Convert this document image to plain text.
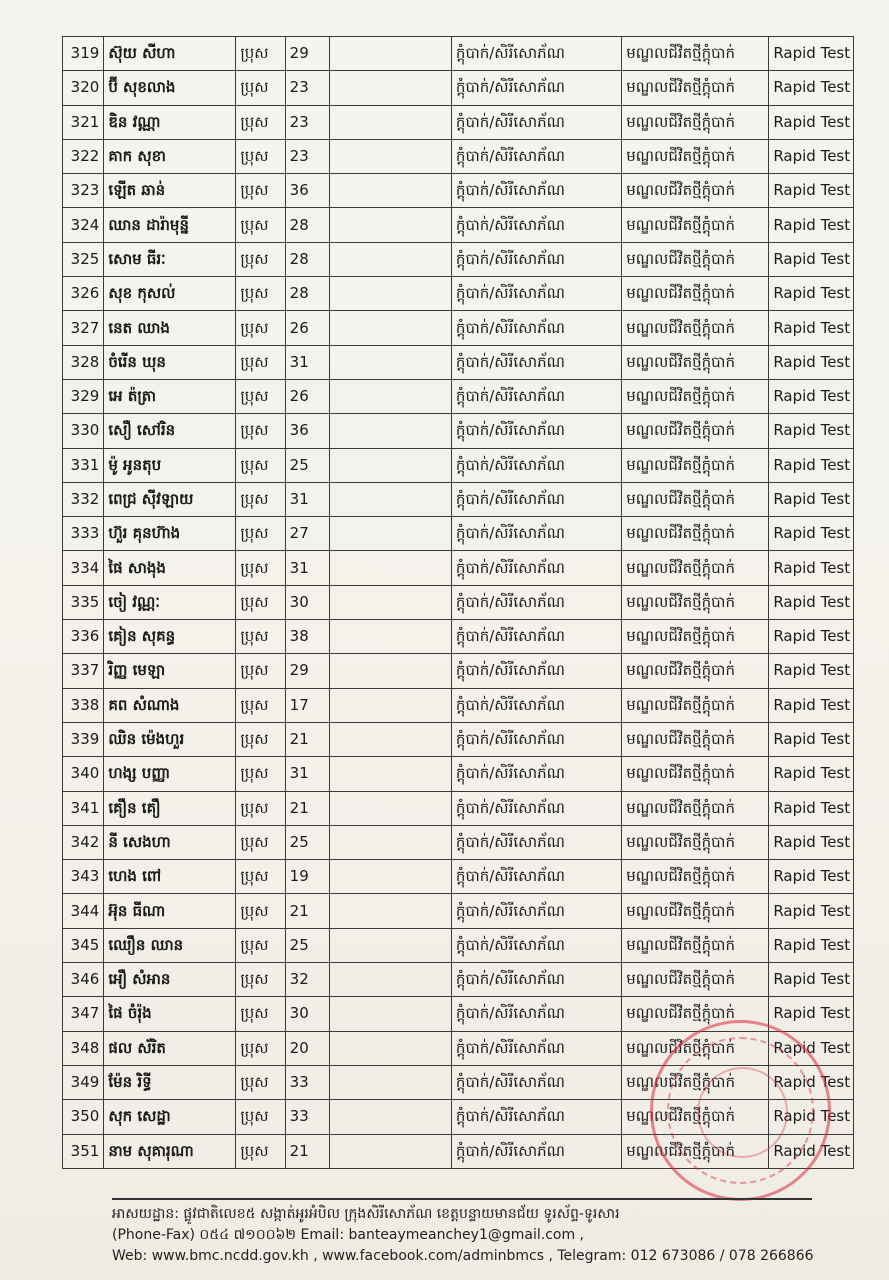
319	ស៊ុយ សីហា	ប្រុស	29		ក្តុំបាក់/សិរីសោភ័ណ	មណ្ឌលជីវិតថ្មីក្តុំបាក់	Rapid Test
320	ប៊ី សុខលាង	ប្រុស	23		ក្តុំបាក់/សិរីសោភ័ណ	មណ្ឌលជីវិតថ្មីក្តុំបាក់	Rapid Test
321	ឌិន វណ្ណា	ប្រុស	23		ក្តុំបាក់/សិរីសោភ័ណ	មណ្ឌលជីវិតថ្មីក្តុំបាក់	Rapid Test
322	គាក សុខា	ប្រុស	23		ក្តុំបាក់/សិរីសោភ័ណ	មណ្ឌលជីវិតថ្មីក្តុំបាក់	Rapid Test
323	ឡើត ឆាន់	ប្រុស	36		ក្តុំបាក់/សិរីសោភ័ណ	មណ្ឌលជីវិតថ្មីក្តុំបាក់	Rapid Test
324	ឈាន ដារ៉ាមុន្នី	ប្រុស	28		ក្តុំបាក់/សិរីសោភ័ណ	មណ្ឌលជីវិតថ្មីក្តុំបាក់	Rapid Test
325	សោម ធីរៈ	ប្រុស	28		ក្តុំបាក់/សិរីសោភ័ណ	មណ្ឌលជីវិតថ្មីក្តុំបាក់	Rapid Test
326	សុខ កុសល់	ប្រុស	28		ក្តុំបាក់/សិរីសោភ័ណ	មណ្ឌលជីវិតថ្មីក្តុំបាក់	Rapid Test
327	នេត ឈាង	ប្រុស	26		ក្តុំបាក់/សិរីសោភ័ណ	មណ្ឌលជីវិតថ្មីក្តុំបាក់	Rapid Test
328	ចំរើន ឃុន	ប្រុស	31		ក្តុំបាក់/សិរីសោភ័ណ	មណ្ឌលជីវិតថ្មីក្តុំបាក់	Rapid Test
329	អេ ត៉ត្រា	ប្រុស	26		ក្តុំបាក់/សិរីសោភ័ណ	មណ្ឌលជីវិតថ្មីក្តុំបាក់	Rapid Test
330	សឿ សៅរិន	ប្រុស	36		ក្តុំបាក់/សិរីសោភ័ណ	មណ្ឌលជីវិតថ្មីក្តុំបាក់	Rapid Test
331	ម៉ូ អូនតុប	ប្រុស	25		ក្តុំបាក់/សិរីសោភ័ណ	មណ្ឌលជីវិតថ្មីក្តុំបាក់	Rapid Test
332	ពេជ្រ ស៊ីវឡាយ	ប្រុស	31		ក្តុំបាក់/សិរីសោភ័ណ	មណ្ឌលជីវិតថ្មីក្តុំបាក់	Rapid Test
333	ហ៊ួរ គុនហ៊ាង	ប្រុស	27		ក្តុំបាក់/សិរីសោភ័ណ	មណ្ឌលជីវិតថ្មីក្តុំបាក់	Rapid Test
334	ផៃ សាងុង	ប្រុស	31		ក្តុំបាក់/សិរីសោភ័ណ	មណ្ឌលជីវិតថ្មីក្តុំបាក់	Rapid Test
335	ចៀ វណ្ណៈ	ប្រុស	30		ក្តុំបាក់/សិរីសោភ័ណ	មណ្ឌលជីវិតថ្មីក្តុំបាក់	Rapid Test
336	គៀន សុគន្ធ	ប្រុស	38		ក្តុំបាក់/សិរីសោភ័ណ	មណ្ឌលជីវិតថ្មីក្តុំបាក់	Rapid Test
337	រិញ្ញ មេឡា	ប្រុស	29		ក្តុំបាក់/សិរីសោភ័ណ	មណ្ឌលជីវិតថ្មីក្តុំបាក់	Rapid Test
338	គព សំណាង	ប្រុស	17		ក្តុំបាក់/សិរីសោភ័ណ	មណ្ឌលជីវិតថ្មីក្តុំបាក់	Rapid Test
339	ឈិន ម៉េងហួរ	ប្រុស	21		ក្តុំបាក់/សិរីសោភ័ណ	មណ្ឌលជីវិតថ្មីក្តុំបាក់	Rapid Test
340	ហង្ស បញ្ញា	ប្រុស	31		ក្តុំបាក់/សិរីសោភ័ណ	មណ្ឌលជីវិតថ្មីក្តុំបាក់	Rapid Test
341	គឿន គឿ	ប្រុស	21		ក្តុំបាក់/សិរីសោភ័ណ	មណ្ឌលជីវិតថ្មីក្តុំបាក់	Rapid Test
342	នី សេងហា	ប្រុស	25		ក្តុំបាក់/សិរីសោភ័ណ	មណ្ឌលជីវិតថ្មីក្តុំបាក់	Rapid Test
343	ហេង ពៅ	ប្រុស	19		ក្តុំបាក់/សិរីសោភ័ណ	មណ្ឌលជីវិតថ្មីក្តុំបាក់	Rapid Test
344	អ៊ុន ធីណា	ប្រុស	21		ក្តុំបាក់/សិរីសោភ័ណ	មណ្ឌលជីវិតថ្មីក្តុំបាក់	Rapid Test
345	ឈឿន ឈាន	ប្រុស	25		ក្តុំបាក់/សិរីសោភ័ណ	មណ្ឌលជីវិតថ្មីក្តុំបាក់	Rapid Test
346	អឿ សំអាន	ប្រុស	32		ក្តុំបាក់/សិរីសោភ័ណ	មណ្ឌលជីវិតថ្មីក្តុំបាក់	Rapid Test
347	ផៃ ចំរ៉ុង	ប្រុស	30		ក្តុំបាក់/សិរីសោភ័ណ	មណ្ឌលជីវិតថ្មីក្តុំបាក់	Rapid Test
348	ផល ស័រិត	ប្រុស	20		ក្តុំបាក់/សិរីសោភ័ណ	មណ្ឌលជីវិតថ្មីក្តុំបាក់	Rapid Test
349	ម៉ែន រិទ្ធី	ប្រុស	33		ក្តុំបាក់/សិរីសោភ័ណ	មណ្ឌលជីវិតថ្មីក្តុំបាក់	Rapid Test
350	សុក សេដ្ឋា	ប្រុស	33		ក្តុំបាក់/សិរីសោភ័ណ	មណ្ឌលជីវិតថ្មីក្តុំបាក់	Rapid Test
351	នាម សុគារុណា	ប្រុស	21		ក្តុំបាក់/សិរីសោភ័ណ	មណ្ឌលជីវិតថ្មីក្តុំបាក់	Rapid Test
អាសយដ្ឋាន: ផ្លូវជាតិលេខ៥ សង្កាត់អូរអំបិល ក្រុងសិរីសោភ័ណ ខេត្តបន្ទាយមានជ័យ ទូរស័ព្ទ-ទូរសារ
(Phone-Fax) ០៥៤ ៧១០០៦២ Email: banteaymeanchey1@gmail.com ,
Web: www.bmc.ncdd.gov.kh , www.facebook.com/adminbmcs , Telegram: 012 673086 / 078 266866
